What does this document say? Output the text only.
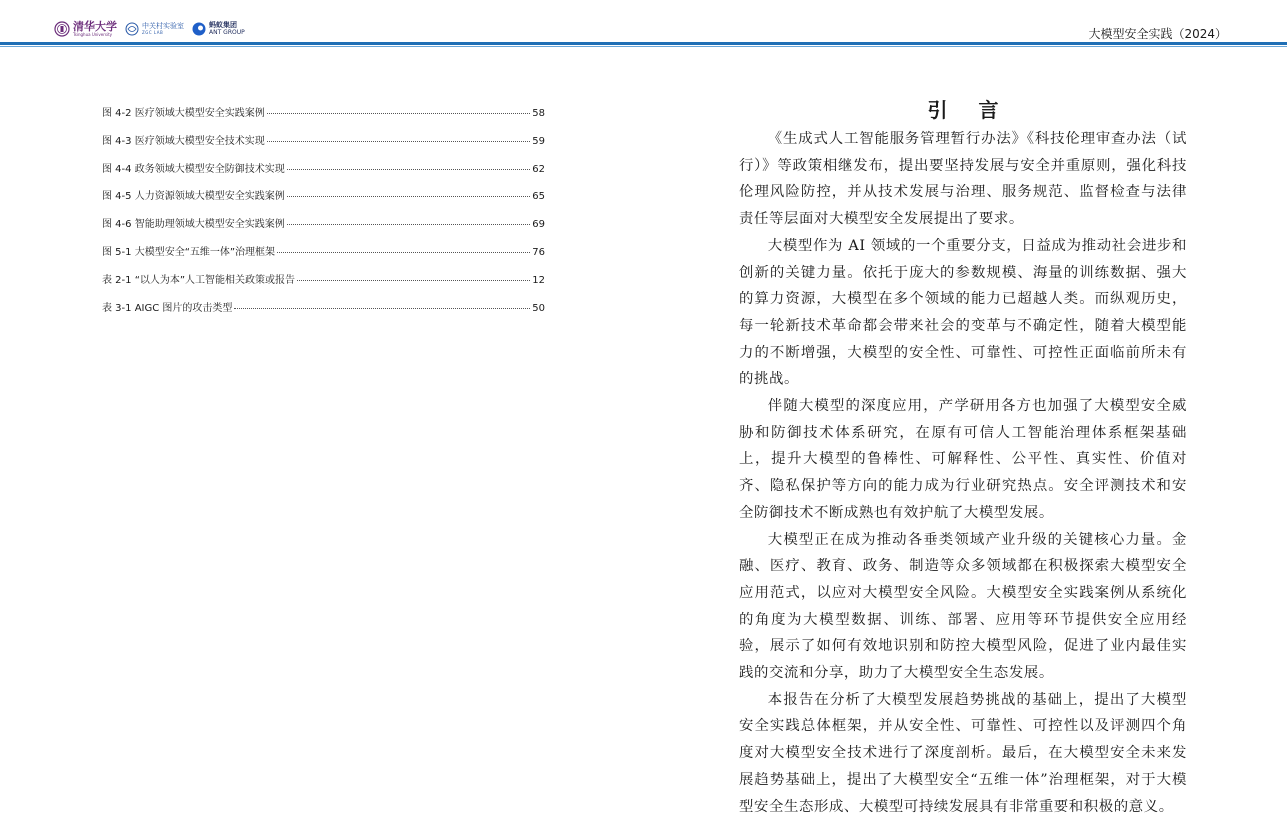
清华大学
Tsinghua University
中关村实验室
ZGC LAB
蚂蚁集团
ANT GROUP	大模型安全实践（2024）
图 4-2 医疗领域大模型安全实践案例	58
图 4-3 医疗领域大模型安全技术实现	59
图 4-4 政务领域大模型安全防御技术实现	62
图 4-5 人力资源领域大模型安全实践案例	65
图 4-6 智能助理领域大模型安全实践案例	69
图 5-1 大模型安全“五维一体”治理框架	76
表 2-1 “以人为本”人工智能相关政策或报告	12
表 3-1 AIGC 图片的攻击类型	50
引 言

《生成式人工智能服务管理暂行办法》《科技伦理审查办法（试行）》等政策相继发布，提出要坚持发展与安全并重原则，强化科技伦理风险防控，并从技术发展与治理、服务规范、监督检查与法律责任等层面对大模型安全发展提出了要求。

大模型作为 AI 领域的一个重要分支，日益成为推动社会进步和创新的关键力量。依托于庞大的参数规模、海量的训练数据、强大的算力资源，大模型在多个领域的能力已超越人类。而纵观历史，每一轮新技术革命都会带来社会的变革与不确定性，随着大模型能力的不断增强，大模型的安全性、可靠性、可控性正面临前所未有的挑战。

伴随大模型的深度应用，产学研用各方也加强了大模型安全威胁和防御技术体系研究，在原有可信人工智能治理体系框架基础上，提升大模型的鲁棒性、可解释性、公平性、真实性、价值对齐、隐私保护等方向的能力成为行业研究热点。安全评测技术和安全防御技术不断成熟也有效护航了大模型发展。

大模型正在成为推动各垂类领域产业升级的关键核心力量。金融、医疗、教育、政务、制造等众多领域都在积极探索大模型安全应用范式，以应对大模型安全风险。大模型安全实践案例从系统化的角度为大模型数据、训练、部署、应用等环节提供安全应用经验，展示了如何有效地识别和防控大模型风险，促进了业内最佳实践的交流和分享，助力了大模型安全生态发展。

本报告在分析了大模型发展趋势挑战的基础上，提出了大模型安全实践总体框架，并从安全性、可靠性、可控性以及评测四个角度对大模型安全技术进行了深度剖析。最后，在大模型安全未来发展趋势基础上，提出了大模型安全“五维一体”治理框架，对于大模型安全生态形成、大模型可持续发展具有非常重要和积极的意义。
